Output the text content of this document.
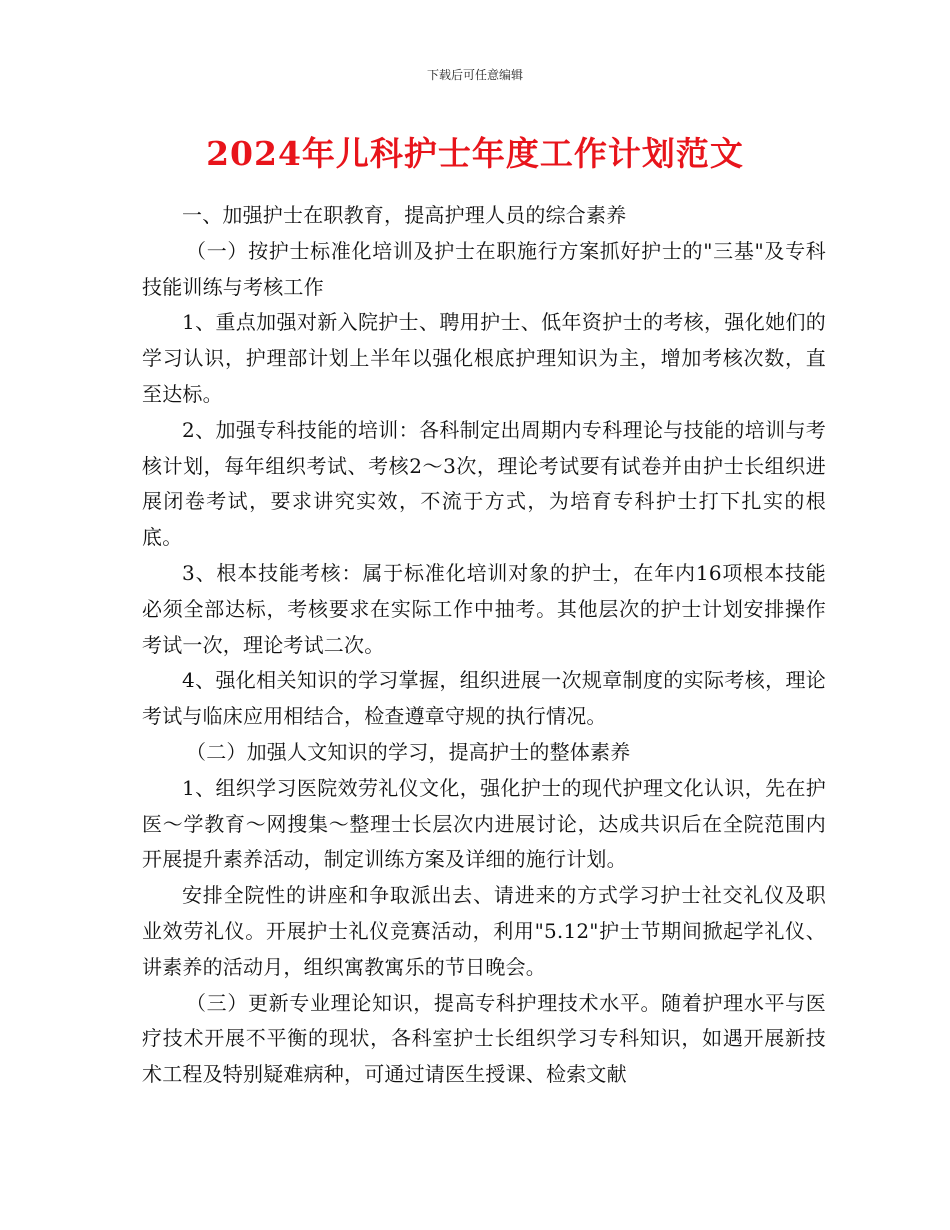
下载后可任意编辑
2024年儿科护士年度工作计划范文

一、加强护士在职教育，提高护理人员的综合素养

（一）按护士标准化培训及护士在职施行方案抓好护士的"三基"及专科技能训练与考核工作

1、重点加强对新入院护士、聘用护士、低年资护士的考核，强化她们的学习认识，护理部计划上半年以强化根底护理知识为主，增加考核次数，直至达标。

2、加强专科技能的培训：各科制定出周期内专科理论与技能的培训与考核计划，每年组织考试、考核2～3次，理论考试要有试卷并由护士长组织进展闭卷考试，要求讲究实效，不流于方式，为培育专科护士打下扎实的根底。

3、根本技能考核：属于标准化培训对象的护士，在年内16项根本技能必须全部达标，考核要求在实际工作中抽考。其他层次的护士计划安排操作考试一次，理论考试二次。

4、强化相关知识的学习掌握，组织进展一次规章制度的实际考核，理论考试与临床应用相结合，检查遵章守规的执行情况。

（二）加强人文知识的学习，提高护士的整体素养

1、组织学习医院效劳礼仪文化，强化护士的现代护理文化认识，先在护医～学教育～网搜集～整理士长层次内进展讨论，达成共识后在全院范围内开展提升素养活动，制定训练方案及详细的施行计划。

安排全院性的讲座和争取派出去、请进来的方式学习护士社交礼仪及职业效劳礼仪。开展护士礼仪竞赛活动，利用"5.12"护士节期间掀起学礼仪、讲素养的活动月，组织寓教寓乐的节日晚会。

（三）更新专业理论知识，提高专科护理技术水平。随着护理水平与医疗技术开展不平衡的现状，各科室护士长组织学习专科知识，如遇开展新技术工程及特别疑难病种，可通过请医生授课、检索文献
